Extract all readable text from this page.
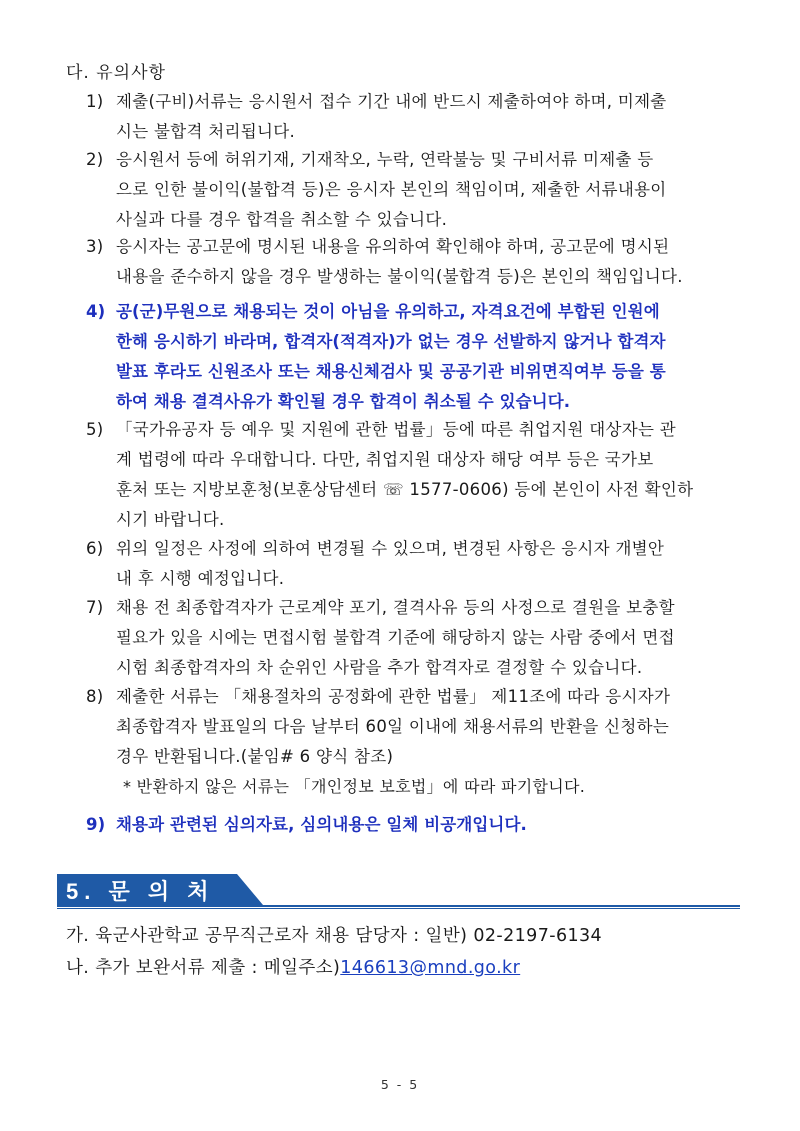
다. 유의사항
1) 제출(구비)서류는 응시원서 접수 기간 내에 반드시 제출하여야 하며, 미제출
시는 불합격 처리됩니다.
2) 응시원서 등에 허위기재, 기재착오, 누락, 연락불능 및 구비서류 미제출 등
으로 인한 불이익(불합격 등)은 응시자 본인의 책임이며, 제출한 서류내용이
사실과 다를 경우 합격을 취소할 수 있습니다.
3) 응시자는 공고문에 명시된 내용을 유의하여 확인해야 하며, 공고문에 명시된
내용을 준수하지 않을 경우 발생하는 불이익(불합격 등)은 본인의 책임입니다.
4) 공(군)무원으로 채용되는 것이 아님을 유의하고, 자격요건에 부합된 인원에
한해 응시하기 바라며, 합격자(적격자)가 없는 경우 선발하지 않거나 합격자
발표 후라도 신원조사 또는 채용신체검사 및 공공기관 비위면직여부 등을 통
하여 채용 결격사유가 확인될 경우 합격이 취소될 수 있습니다.
5) 「국가유공자 등 예우 및 지원에 관한 법률」등에 따른 취업지원 대상자는 관
계 법령에 따라 우대합니다. 다만, 취업지원 대상자 해당 여부 등은 국가보
훈처 또는 지방보훈청(보훈상담센터 ☏ 1577-0606) 등에 본인이 사전 확인하
시기 바랍니다.
6) 위의 일정은 사정에 의하여 변경될 수 있으며, 변경된 사항은 응시자 개별안
내 후 시행 예정입니다.
7) 채용 전 최종합격자가 근로계약 포기, 결격사유 등의 사정으로 결원을 보충할
필요가 있을 시에는 면접시험 불합격 기준에 해당하지 않는 사람 중에서 면접
시험 최종합격자의 차 순위인 사람을 추가 합격자로 결정할 수 있습니다.
8) 제출한 서류는 「채용절차의 공정화에 관한 법률」 제11조에 따라 응시자가
최종합격자 발표일의 다음 날부터 60일 이내에 채용서류의 반환을 신청하는
경우 반환됩니다.(붙임# 6 양식 참조)
* 반환하지 않은 서류는 「개인정보 보호법」에 따라 파기합니다.
9) 채용과 관련된 심의자료, 심의내용은 일체 비공개입니다.
5. 문 의 처
가. 육군사관학교 공무직근로자 채용 담당자 : 일반) 02-2197-6134
나. 추가 보완서류 제출 : 메일주소)146613@mnd.go.kr
5 - 5
